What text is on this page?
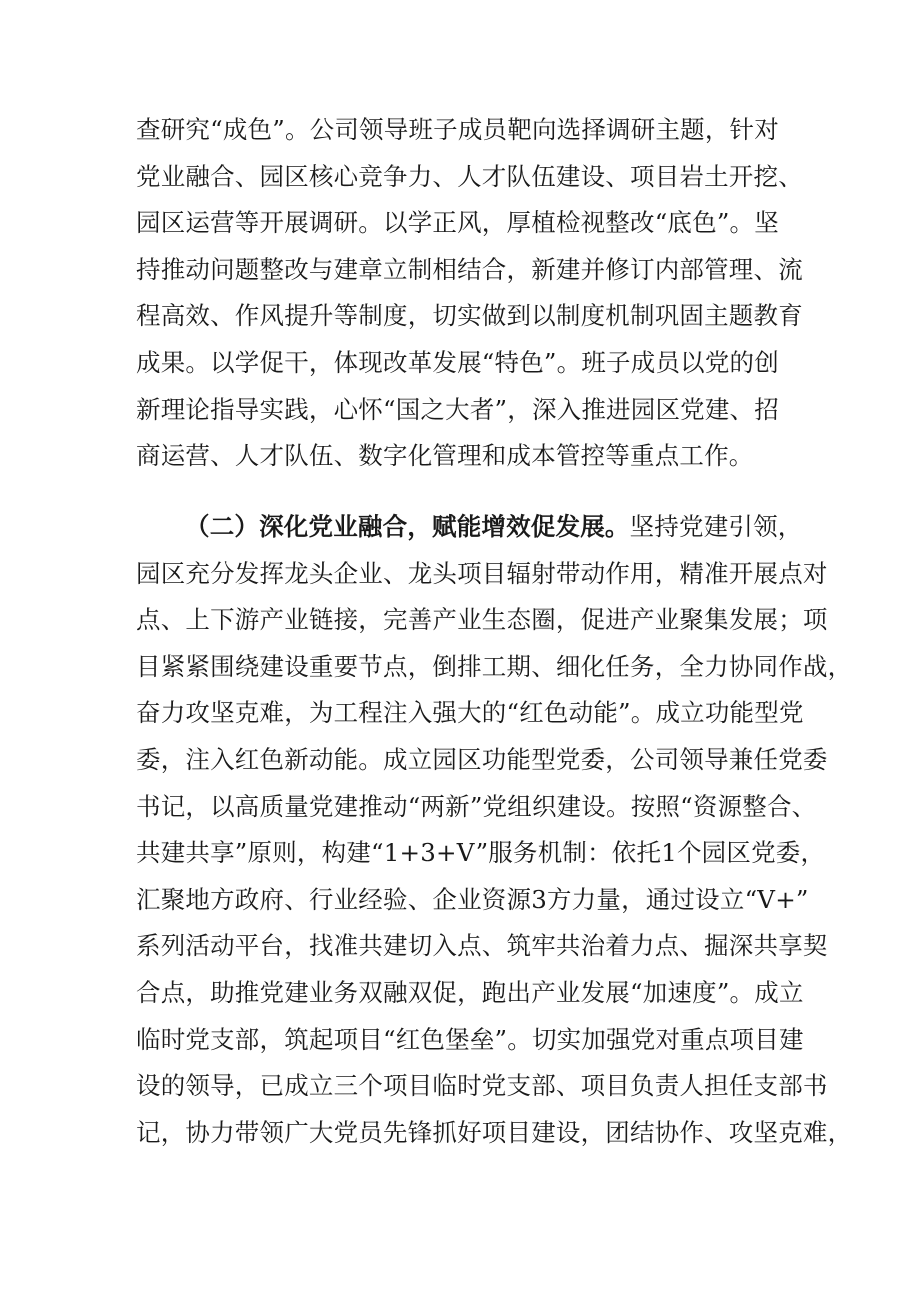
查研究“成色”。公司领导班子成员靶向选择调研主题，针对
党业融合、园区核心竞争力、人才队伍建设、项目岩土开挖、
园区运营等开展调研。以学正风，厚植检视整改“底色”。坚
持推动问题整改与建章立制相结合，新建并修订内部管理、流
程高效、作风提升等制度，切实做到以制度机制巩固主题教育
成果。以学促干，体现改革发展“特色”。班子成员以党的创
新理论指导实践，心怀“国之大者”，深入推进园区党建、招
商运营、人才队伍、数字化管理和成本管控等重点工作。
（二）深化党业融合，赋能增效促发展。坚持党建引领，
园区充分发挥龙头企业、龙头项目辐射带动作用，精准开展点对
点、上下游产业链接，完善产业生态圈，促进产业聚集发展；项
目紧紧围绕建设重要节点，倒排工期、细化任务，全力协同作战，
奋力攻坚克难，为工程注入强大的“红色动能”。成立功能型党
委，注入红色新动能。成立园区功能型党委，公司领导兼任党委
书记，以高质量党建推动“两新”党组织建设。按照“资源整合、
共建共享”原则，构建“1+3+V”服务机制：依托1个园区党委，
汇聚地方政府、行业经验、企业资源3方力量，通过设立“V+”
系列活动平台，找准共建切入点、筑牢共治着力点、掘深共享契
合点，助推党建业务双融双促，跑出产业发展“加速度”。成立
临时党支部，筑起项目“红色堡垒”。切实加强党对重点项目建
设的领导，已成立三个项目临时党支部、项目负责人担任支部书
记，协力带领广大党员先锋抓好项目建设，团结协作、攻坚克难，
